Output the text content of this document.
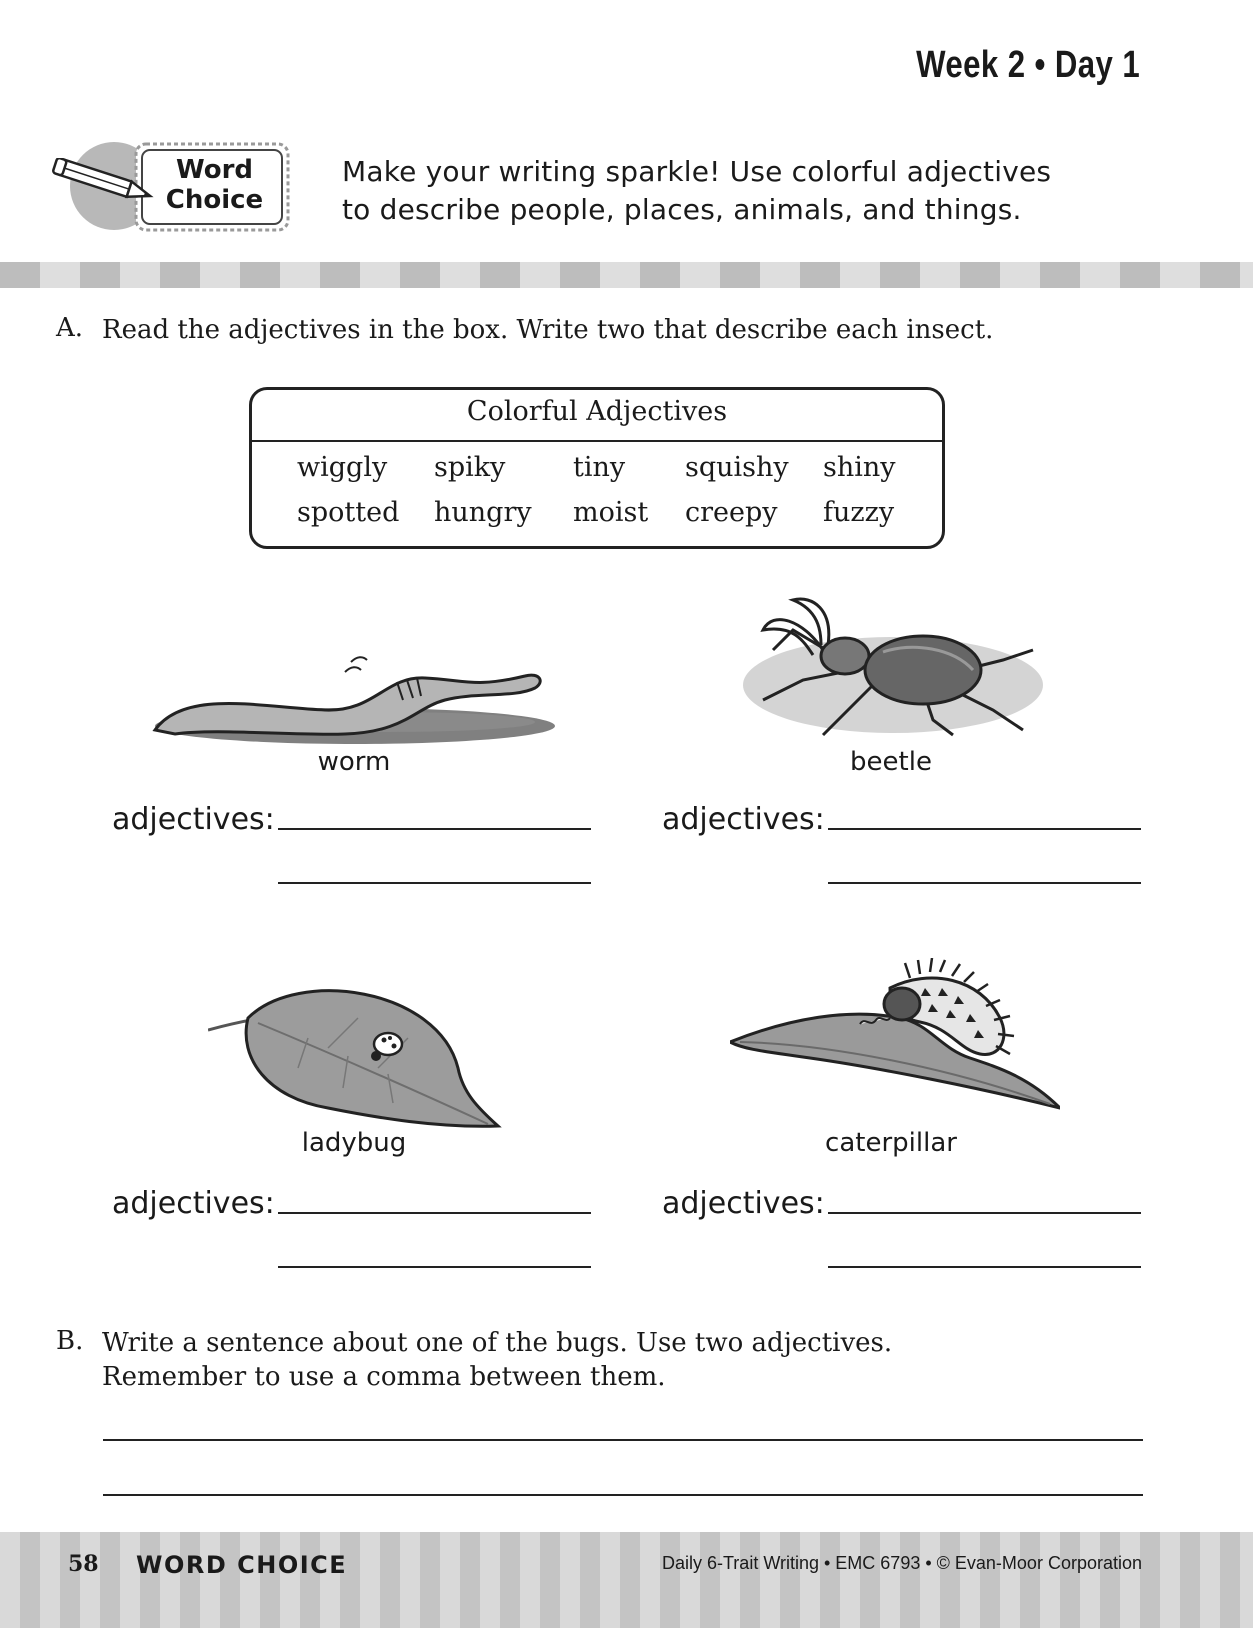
Week 2 • Day 1
Word
Choice
Make your writing sparkle! Use colorful adjectives
to describe people, places, animals, and things.
A. Read the adjectives in the box. Write two that describe each insect.
Colorful Adjectives
wiggly spiky	tiny squishy shiny
spotted hungry moist creepy fuzzy
worm	beetle
adjectives:	adjectives:
ladybug	caterpillar
adjectives:	adjectives:
B. Write a sentence about one of the bugs. Use two adjectives.
Remember to use a comma between them.
58 WORD CHOICE	Daily 6-Trait Writing • EMC 6793 • © Evan-Moor Corporation
